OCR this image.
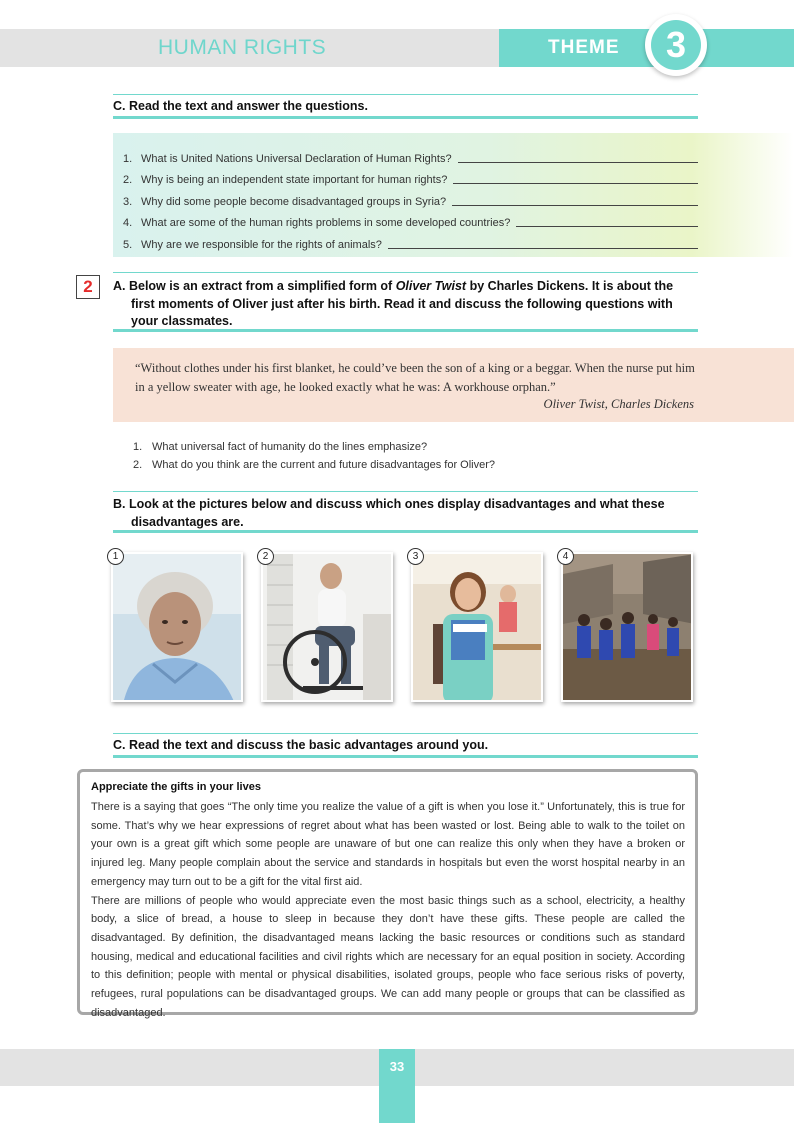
HUMAN RIGHTS	THEME	3
C. Read the text and answer the questions.
1. What is United Nations Universal Declaration of Human Rights?
2. Why is being an independent state important for human rights?
3. Why did some people become disadvantaged groups in Syria?
4. What are some of the human rights problems in some developed countries?
5. Why are we responsible for the rights of animals?
2	A. Below is an extract from a simplified form of Oliver Twist by Charles Dickens. It is about the first moments of Oliver just after his birth. Read it and discuss the following questions with your classmates.
“Without clothes under his first blanket, he could’ve been the son of a king or a beggar. When the nurse put him in a yellow sweater with age, he looked exactly what he was: A workhouse orphan.”
Oliver Twist, Charles Dickens
1. What universal fact of humanity do the lines emphasize?
2. What do you think are the current and future disadvantages for Oliver?
B. Look at the pictures below and discuss which ones display disadvantages and what these disadvantages are.
1	2	3	4
C. Read the text and discuss the basic advantages around you.
Appreciate the gifts in your lives

There is a saying that goes “The only time you realize the value of a gift is when you lose it.” Unfortunately, this is true for some. That’s why we hear expressions of regret about what has been wasted or lost. Being able to walk to the toilet on your own is a great gift which some people are unaware of but one can realize this only when they have a broken or injured leg. Many people complain about the service and standards in hospitals but even the worst hospital nearby in an emergency may turn out to be a gift for the vital first aid.

There are millions of people who would appreciate even the most basic things such as a school, electricity, a healthy body, a slice of bread, a house to sleep in because they don’t have these gifts. These people are called the disadvantaged. By definition, the disadvantaged means lacking the basic resources or conditions such as standard housing, medical and educational facilities and civil rights which are necessary for an equal position in society. According to this definition; people with mental or physical disabilities, isolated groups, people who face serious risks of poverty, refugees, rural populations can be disadvantaged groups. We can add many people or groups that can be classified as disadvantaged.

33
